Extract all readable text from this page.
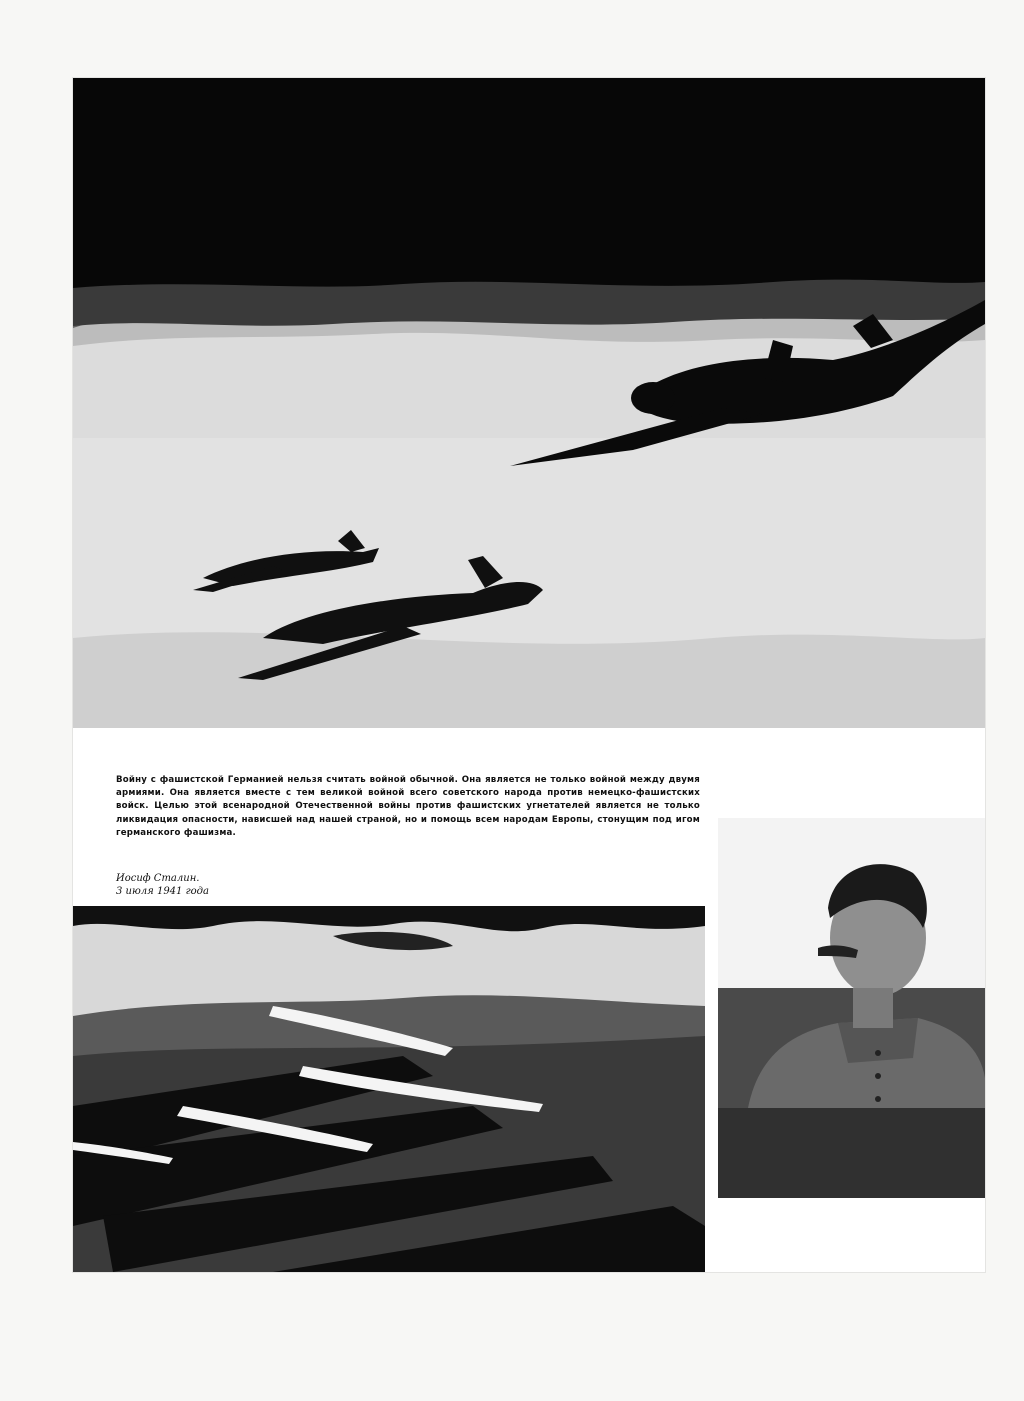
Войну с фашистской Германией нельзя считать войной обычной. Она является не только войной между двумя армиями. Она является вместе с тем великой войной всего советского народа против немецко-фашистских войск. Целью этой всенародной Отечественной войны против фашистских угнетателей является не только ликвидация опасности, нависшей над нашей страной, но и помощь всем народам Европы, стонущим под игом германского фашизма.
Иосиф Сталин.
3 июля 1941 года
